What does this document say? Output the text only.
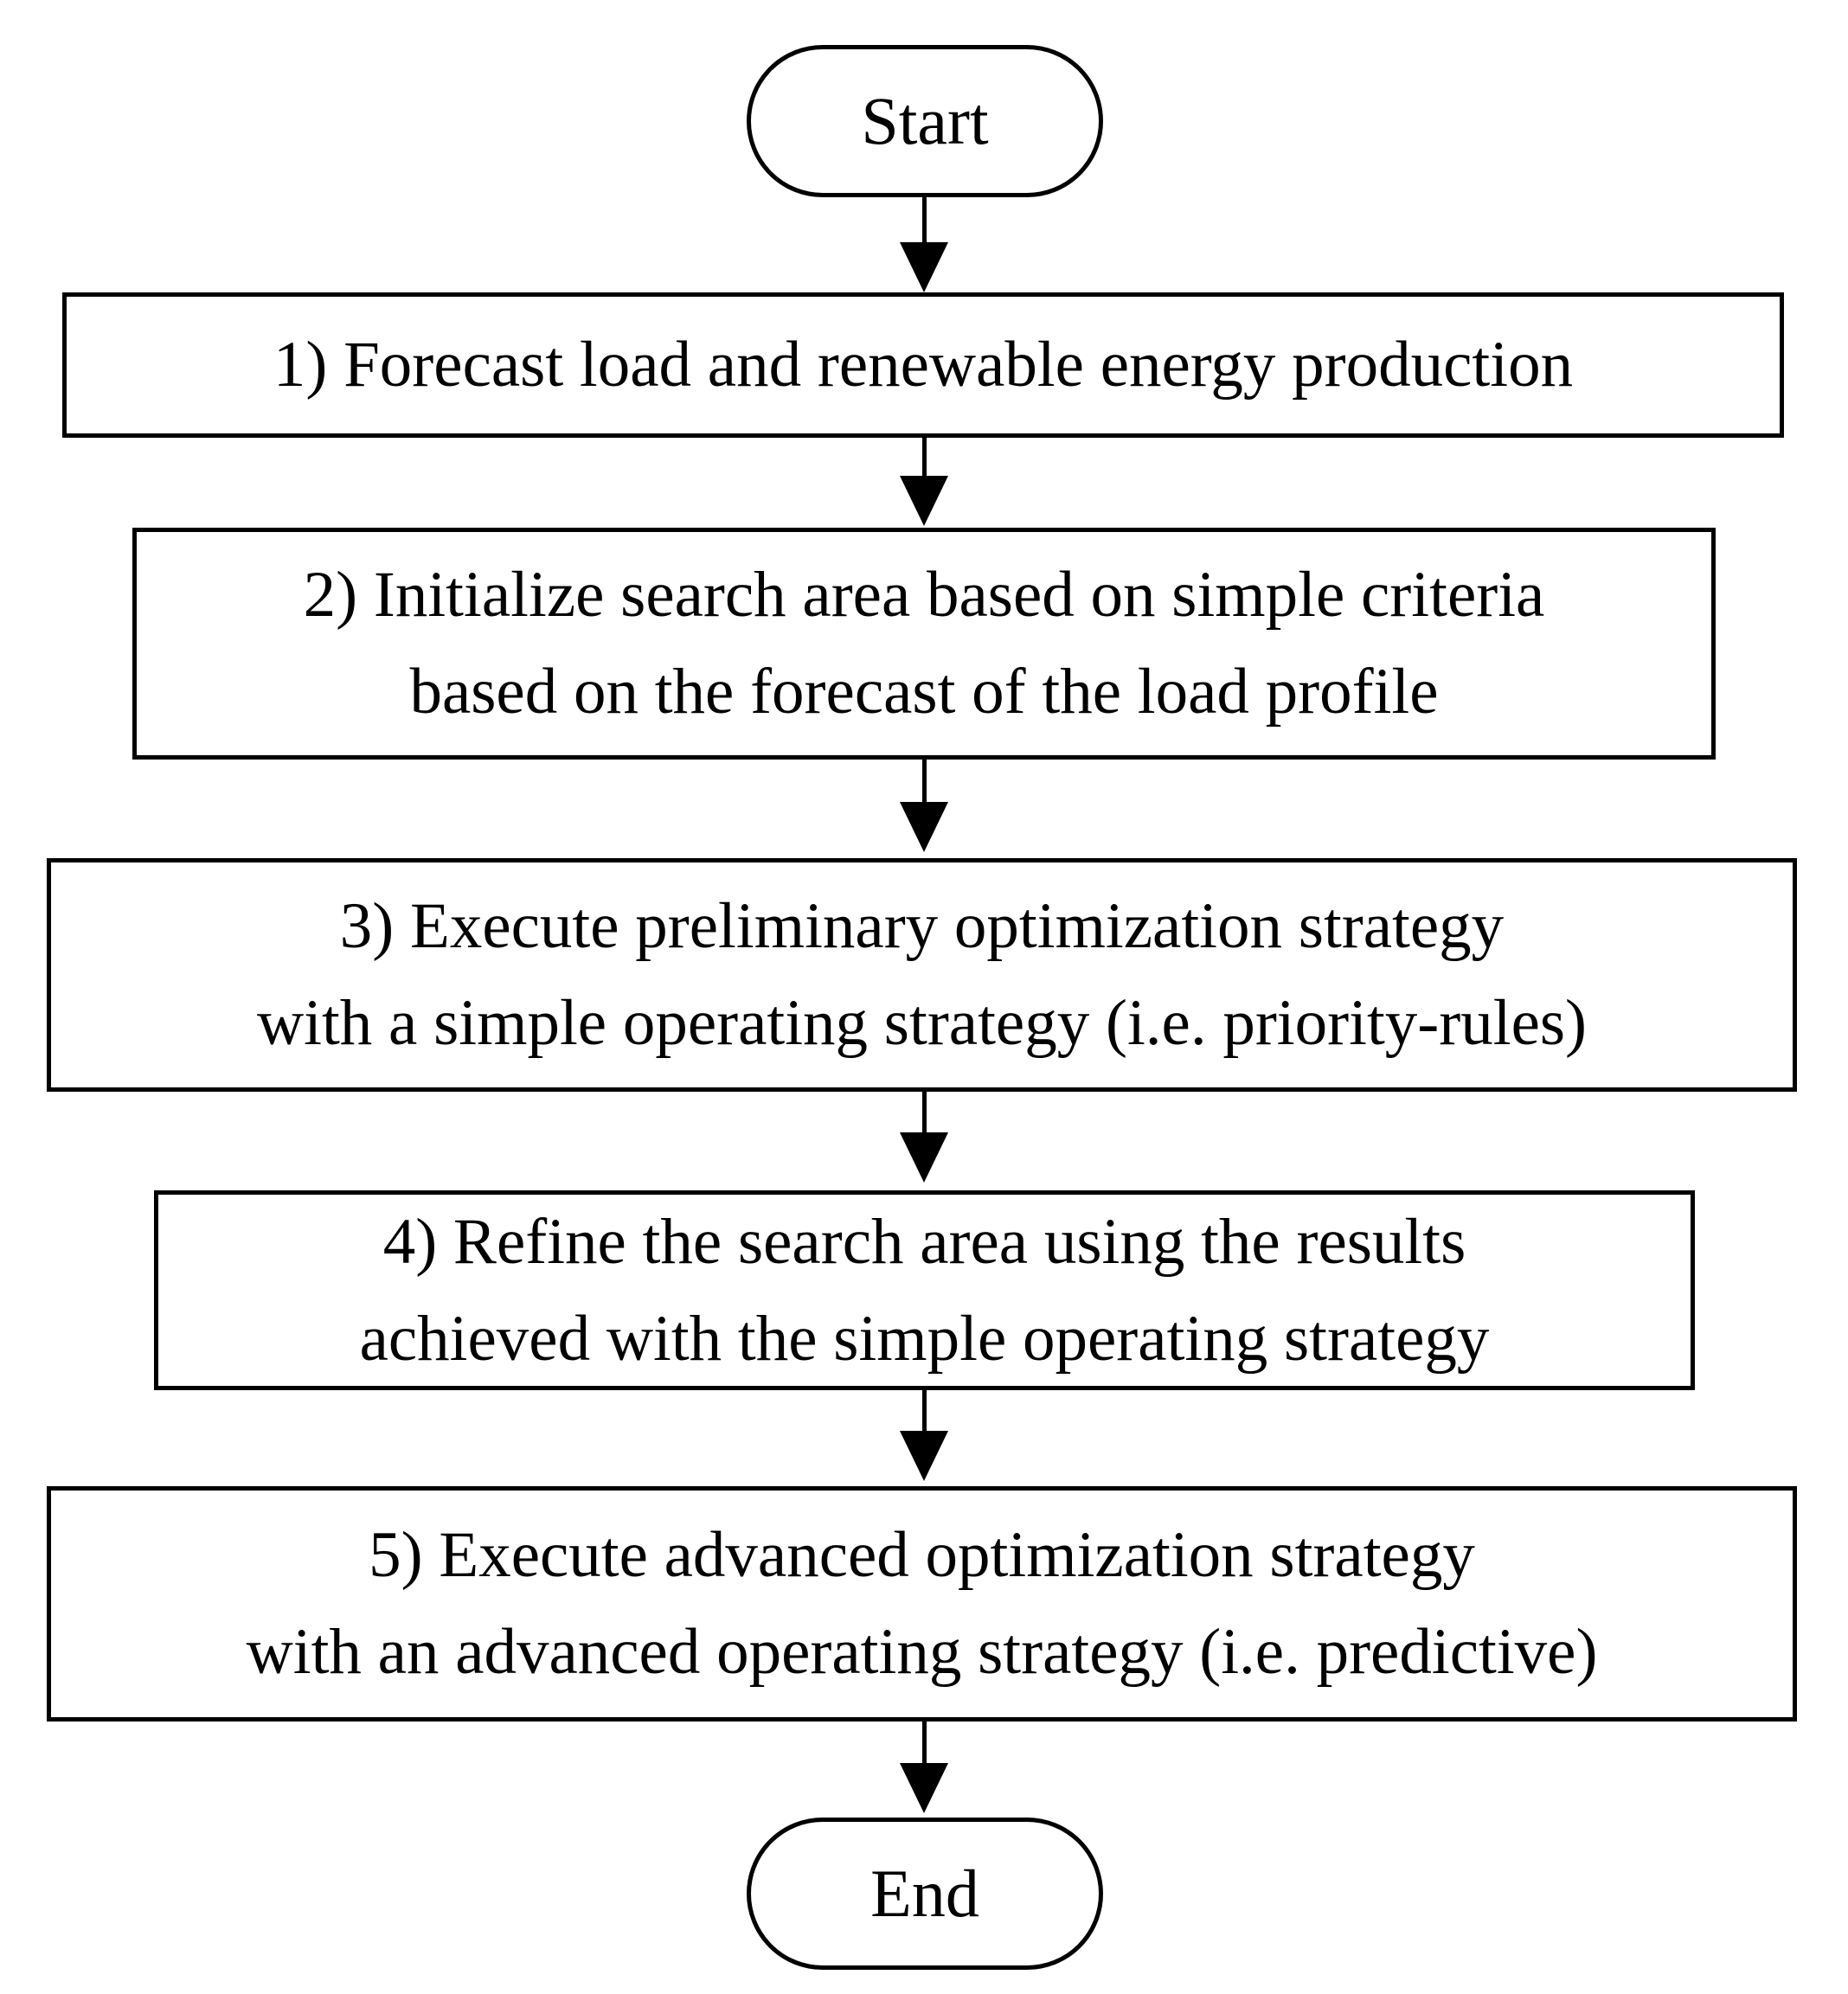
Start
1) Forecast load and renewable energy production
2) Initialize search area based on simple criteria
based on the forecast of the load profile
3) Execute preliminary optimization strategy
with a simple operating strategy (i.e. priority-rules)
4) Refine the search area using the results
achieved with the simple operating strategy
5) Execute advanced optimization strategy
with an advanced operating strategy (i.e. predictive)
End
